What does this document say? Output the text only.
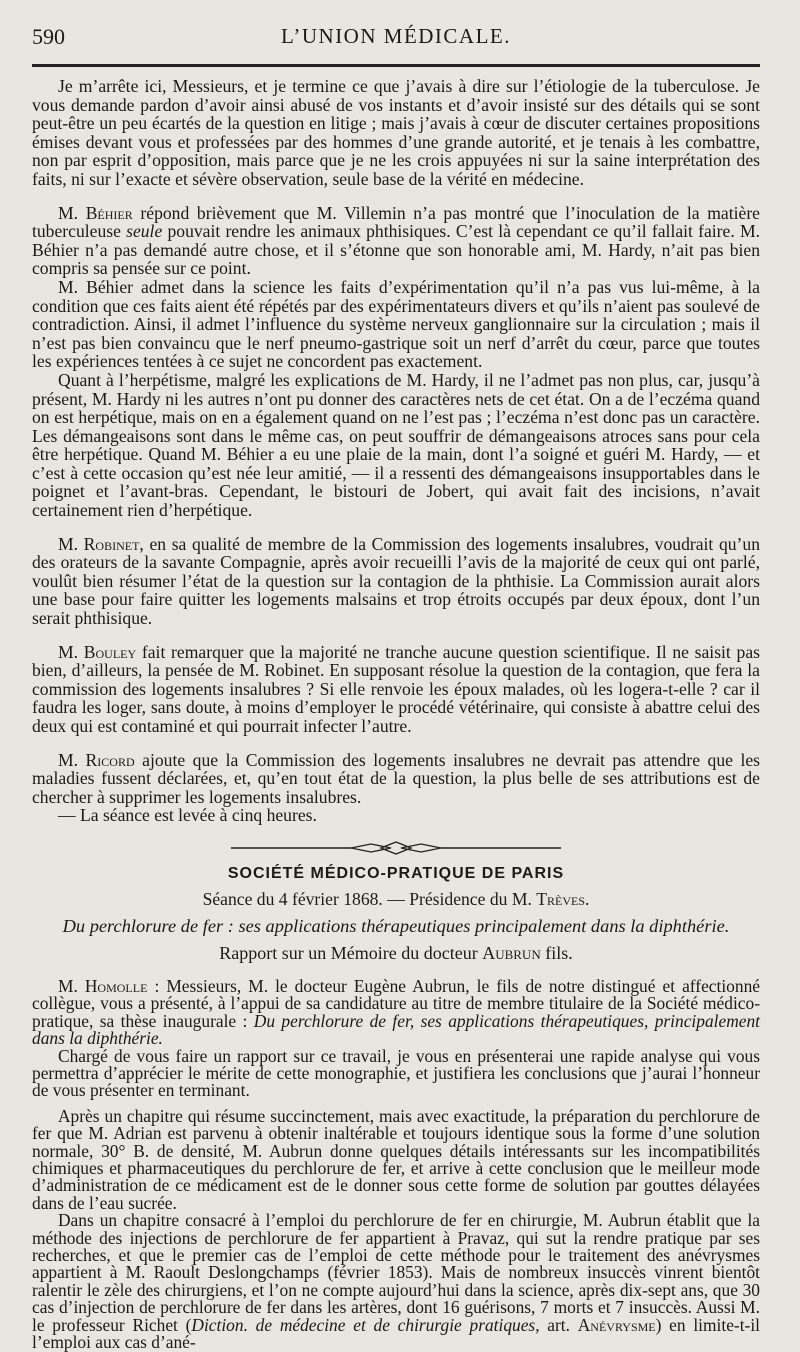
590	L’UNION MÉDICALE.

Je m’arrête ici, Messieurs, et je termine ce que j’avais à dire sur l’étiologie de la tuberculose. Je vous demande pardon d’avoir ainsi abusé de vos instants et d’avoir insisté sur des détails qui se sont peut-être un peu écartés de la question en litige ; mais j’avais à cœur de discuter certaines propositions émises devant vous et professées par des hommes d’une grande autorité, et je tenais à les combattre, non par esprit d’opposition, mais parce que je ne les crois appuyées ni sur la saine interprétation des faits, ni sur l’exacte et sévère observation, seule base de la vérité en médecine.

M. Béhier répond brièvement que M. Villemin n’a pas montré que l’inoculation de la matière tuberculeuse seule pouvait rendre les animaux phthisiques. C’est là cependant ce qu’il fallait faire. M. Béhier n’a pas demandé autre chose, et il s’étonne que son honorable ami, M. Hardy, n’ait pas bien compris sa pensée sur ce point.

M. Béhier admet dans la science les faits d’expérimentation qu’il n’a pas vus lui-même, à la condition que ces faits aient été répétés par des expérimentateurs divers et qu’ils n’aient pas soulevé de contradiction. Ainsi, il admet l’influence du système nerveux ganglionnaire sur la circulation ; mais il n’est pas bien convaincu que le nerf pneumo-gastrique soit un nerf d’arrêt du cœur, parce que toutes les expériences tentées à ce sujet ne concordent pas exactement.

Quant à l’herpétisme, malgré les explications de M. Hardy, il ne l’admet pas non plus, car, jusqu’à présent, M. Hardy ni les autres n’ont pu donner des caractères nets de cet état. On a de l’eczéma quand on est herpétique, mais on en a également quand on ne l’est pas ; l’eczéma n’est donc pas un caractère. Les démangeaisons sont dans le même cas, on peut souffrir de démangeaisons atroces sans pour cela être herpétique. Quand M. Béhier a eu une plaie de la main, dont l’a soigné et guéri M. Hardy, — et c’est à cette occasion qu’est née leur amitié, — il a ressenti des démangeaisons insupportables dans le poignet et l’avant-bras. Cependant, le bistouri de Jobert, qui avait fait des incisions, n’avait certainement rien d’herpétique.

M. Robinet, en sa qualité de membre de la Commission des logements insalubres, voudrait qu’un des orateurs de la savante Compagnie, après avoir recueilli l’avis de la majorité de ceux qui ont parlé, voulût bien résumer l’état de la question sur la contagion de la phthisie. La Commission aurait alors une base pour faire quitter les logements malsains et trop étroits occupés par deux époux, dont l’un serait phthisique.

M. Bouley fait remarquer que la majorité ne tranche aucune question scientifique. Il ne saisit pas bien, d’ailleurs, la pensée de M. Robinet. En supposant résolue la question de la contagion, que fera la commission des logements insalubres ? Si elle renvoie les époux malades, où les logera-t-elle ? car il faudra les loger, sans doute, à moins d’employer le procédé vétérinaire, qui consiste à abattre celui des deux qui est contaminé et qui pourrait infecter l’autre.

M. Ricord ajoute que la Commission des logements insalubres ne devrait pas attendre que les maladies fussent déclarées, et, qu’en tout état de la question, la plus belle de ses attributions est de chercher à supprimer les logements insalubres.

— La séance est levée à cinq heures.

SOCIÉTÉ MÉDICO-PRATIQUE DE PARIS
Séance du 4 février 1868. — Présidence du M. Trèves.
Du perchlorure de fer : ses applications thérapeutiques principalement dans la diphthérie.
Rapport sur un Mémoire du docteur Aubrun fils.

M. Homolle : Messieurs, M. le docteur Eugène Aubrun, le fils de notre distingué et affectionné collègue, vous a présenté, à l’appui de sa candidature au titre de membre titulaire de la Société médico-pratique, sa thèse inaugurale : Du perchlorure de fer, ses applications thérapeutiques, principalement dans la diphthérie.

Chargé de vous faire un rapport sur ce travail, je vous en présenterai une rapide analyse qui vous permettra d’apprécier le mérite de cette monographie, et justifiera les conclusions que j’aurai l’honneur de vous présenter en terminant.

Après un chapitre qui résume succinctement, mais avec exactitude, la préparation du perchlorure de fer que M. Adrian est parvenu à obtenir inaltérable et toujours identique sous la forme d’une solution normale, 30° B. de densité, M. Aubrun donne quelques détails intéressants sur les incompatibilités chimiques et pharmaceutiques du perchlorure de fer, et arrive à cette conclusion que le meilleur mode d’administration de ce médicament est de le donner sous cette forme de solution par gouttes délayées dans de l’eau sucrée.

Dans un chapitre consacré à l’emploi du perchlorure de fer en chirurgie, M. Aubrun établit que la méthode des injections de perchlorure de fer appartient à Pravaz, qui sut la rendre pratique par ses recherches, et que le premier cas de l’emploi de cette méthode pour le traitement des anévrysmes appartient à M. Raoult Deslongchamps (février 1853). Mais de nombreux insuccès vinrent bientôt ralentir le zèle des chirurgiens, et l’on ne compte aujourd’hui dans la science, après dix-sept ans, que 30 cas d’injection de perchlorure de fer dans les artères, dont 16 guérisons, 7 morts et 7 insuccès. Aussi M. le professeur Richet (Diction. de médecine et de chirurgie pratiques, art. Anévrysme) en limite-t-il l’emploi aux cas d’ané-
